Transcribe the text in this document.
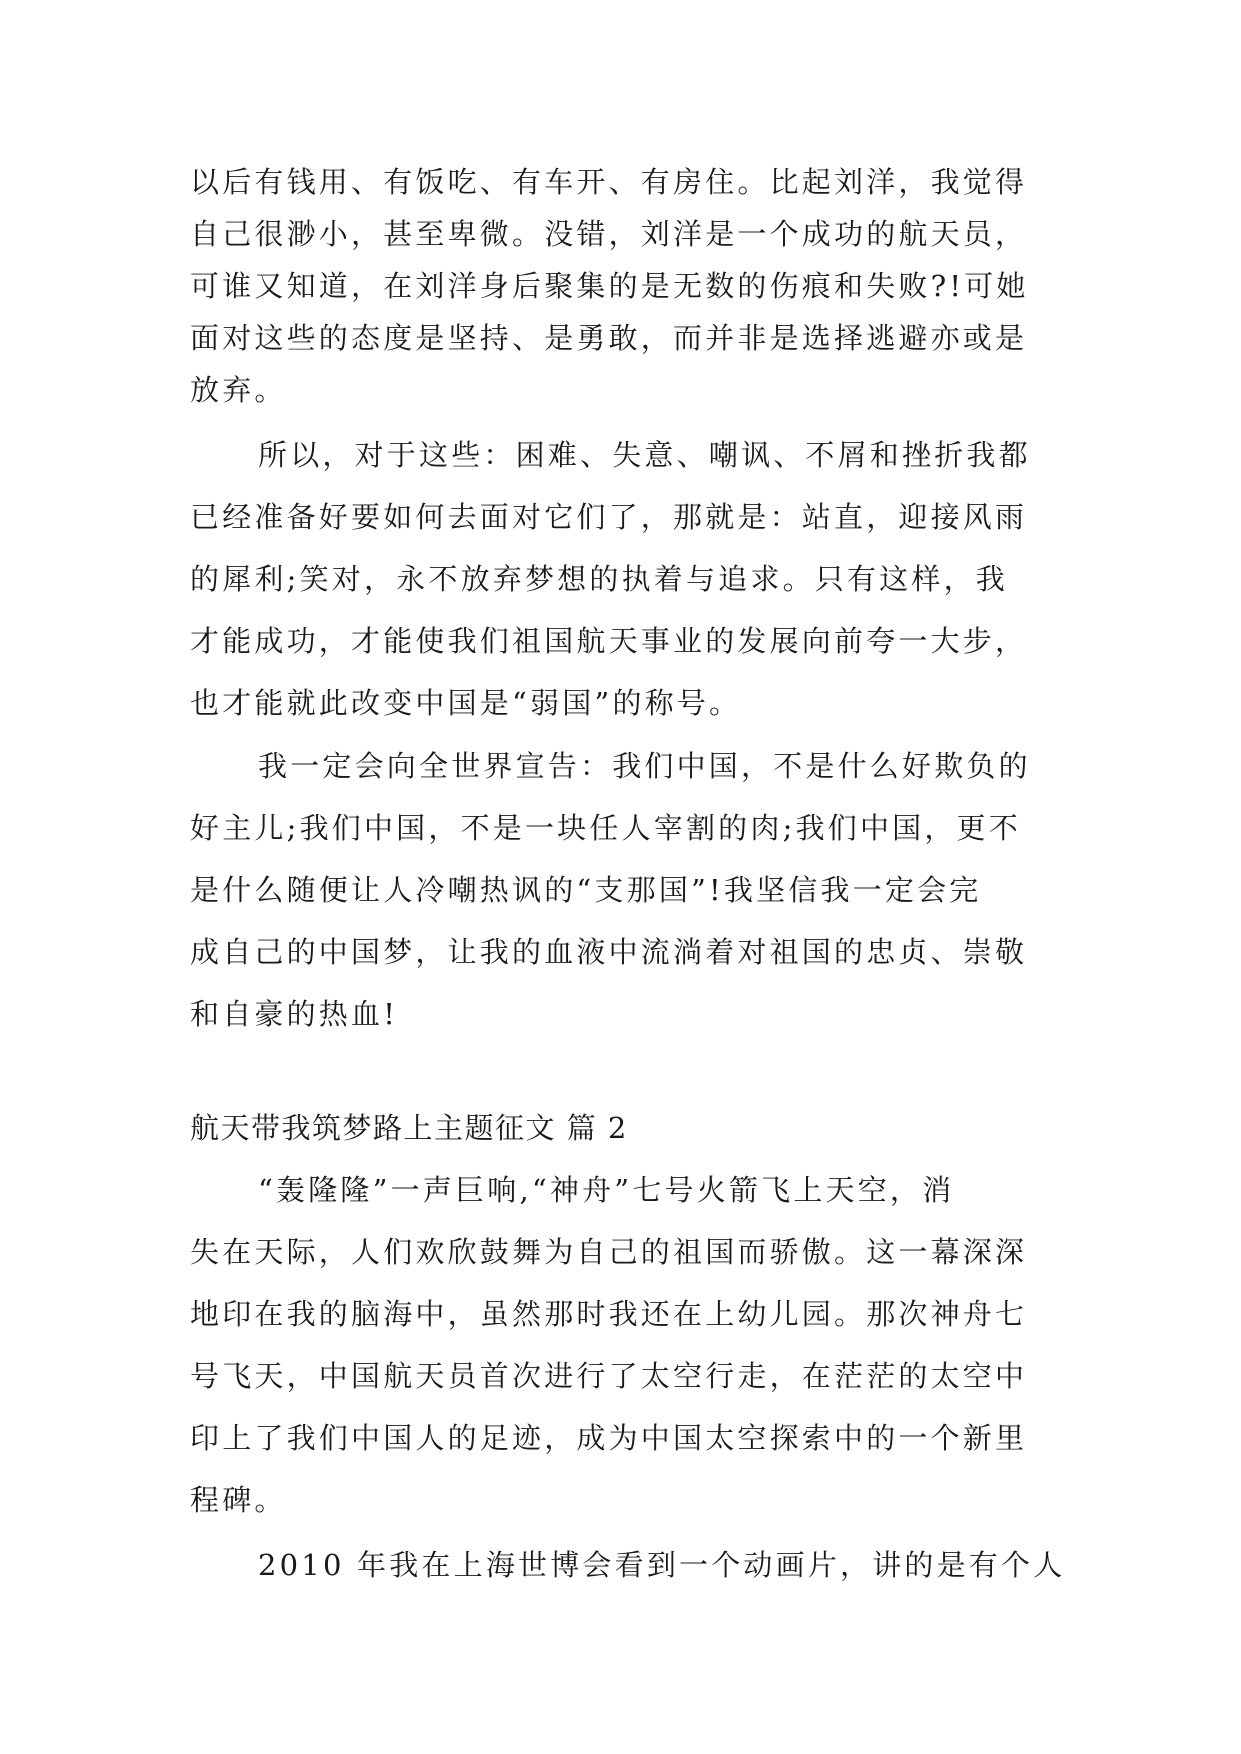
以后有钱用、有饭吃、有车开、有房住。比起刘洋，我觉得
自己很渺小，甚至卑微。没错，刘洋是一个成功的航天员，
可谁又知道，在刘洋身后聚集的是无数的伤痕和失败?!可她
面对这些的态度是坚持、是勇敢，而并非是选择逃避亦或是
放弃。
所以，对于这些：困难、失意、嘲讽、不屑和挫折我都
已经准备好要如何去面对它们了，那就是：站直，迎接风雨
的犀利;笑对，永不放弃梦想的执着与追求。只有这样，我
才能成功，才能使我们祖国航天事业的发展向前夸一大步，
也才能就此改变中国是“弱国”的称号。
我一定会向全世界宣告：我们中国，不是什么好欺负的
好主儿;我们中国，不是一块任人宰割的肉;我们中国，更不
是什么随便让人冷嘲热讽的“支那国”!我坚信我一定会完
成自己的中国梦，让我的血液中流淌着对祖国的忠贞、崇敬
和自豪的热血!
航天带我筑梦路上主题征文 篇 2
“轰隆隆”一声巨响,“神舟”七号火箭飞上天空，消
失在天际，人们欢欣鼓舞为自己的祖国而骄傲。这一幕深深
地印在我的脑海中，虽然那时我还在上幼儿园。那次神舟七
号飞天，中国航天员首次进行了太空行走，在茫茫的太空中
印上了我们中国人的足迹，成为中国太空探索中的一个新里
程碑。
2010 年我在上海世博会看到一个动画片，讲的是有个人
